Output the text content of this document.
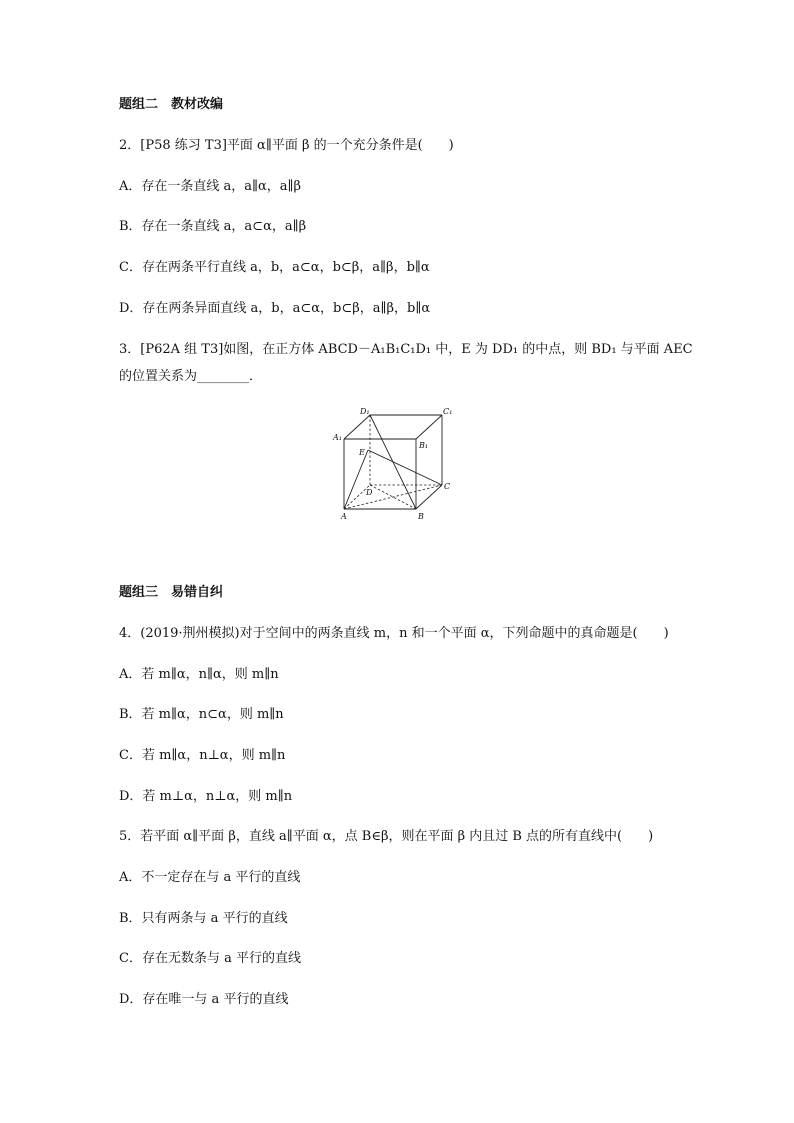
题组二　教材改编
2．[P58 练习 T3]平面 α∥平面 β 的一个充分条件是(　　)
A．存在一条直线 a，a∥α，a∥β
B．存在一条直线 a，a⊂α，a∥β
C．存在两条平行直线 a，b，a⊂α，b⊂β，a∥β，b∥α
D．存在两条异面直线 a，b，a⊂α，b⊂β，a∥β，b∥α
3．[P62A 组 T3]如图，在正方体 ABCD－A₁B₁C₁D₁ 中，E 为 DD₁ 的中点，则 BD₁ 与平面 AEC
的位置关系为________．
D₁	C₁
A₁
B₁
E
D
C
A	B
题组三　易错自纠
4．(2019·荆州模拟)对于空间中的两条直线 m，n 和一个平面 α，下列命题中的真命题是(　　)
A．若 m∥α，n∥α，则 m∥n
B．若 m∥α，n⊂α，则 m∥n
C．若 m∥α，n⊥α，则 m∥n
D．若 m⊥α，n⊥α，则 m∥n
5．若平面 α∥平面 β，直线 a∥平面 α，点 B∈β，则在平面 β 内且过 B 点的所有直线中(　　)
A．不一定存在与 a 平行的直线
B．只有两条与 a 平行的直线
C．存在无数条与 a 平行的直线
D．存在唯一与 a 平行的直线
